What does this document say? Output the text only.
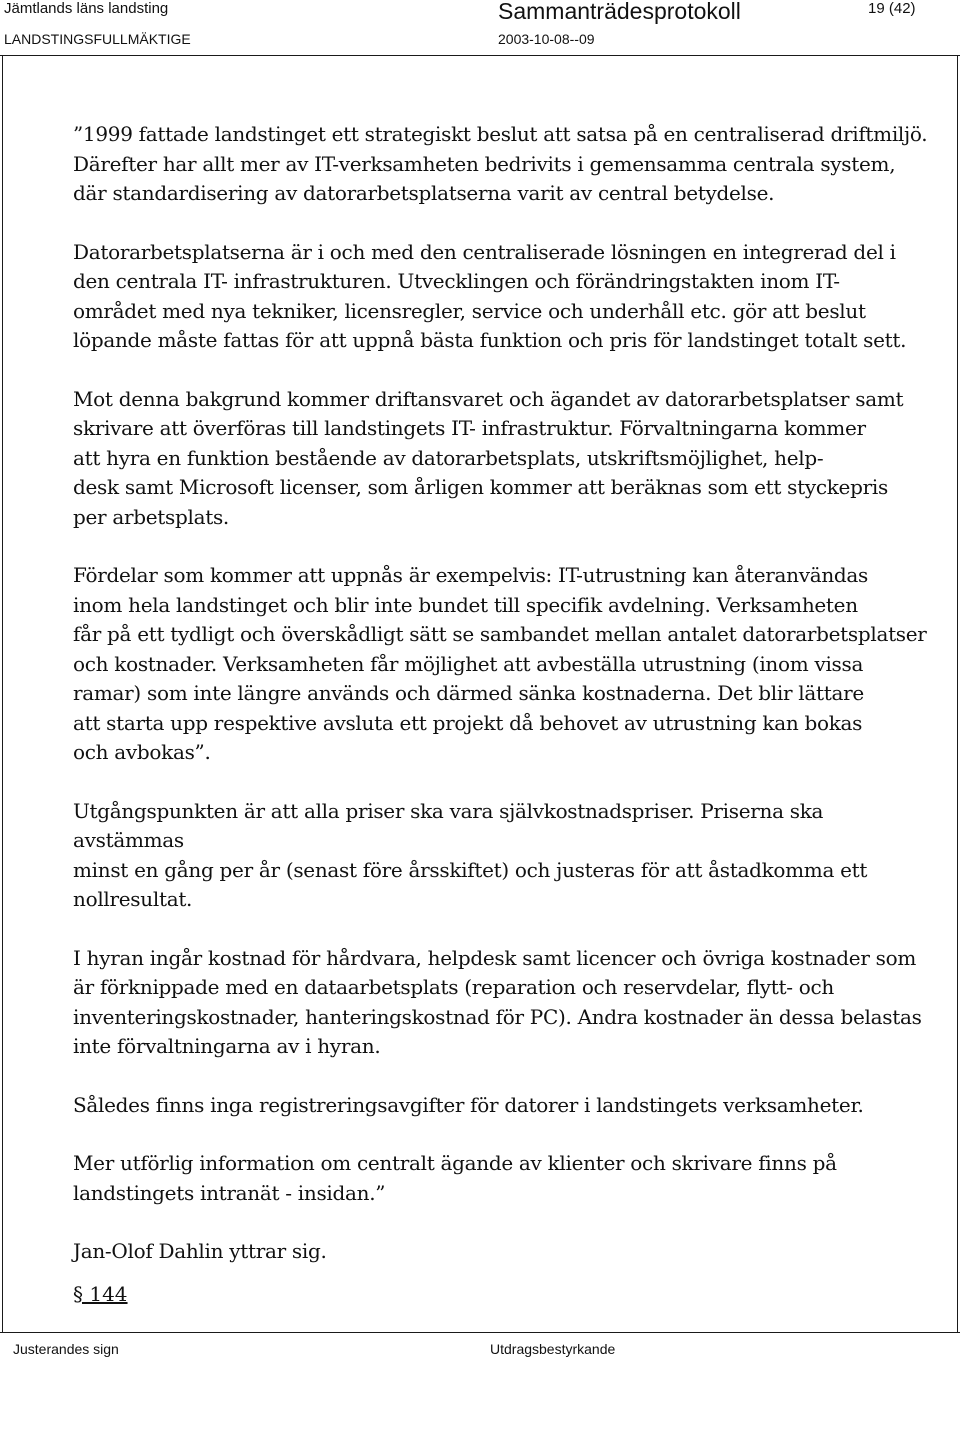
Jämtlands läns landsting	Sammanträdesprotokoll	19 (42)
LANDSTINGSFULLMÄKTIGE	2003-10-08--09

”1999 fattade landstinget ett strategiskt beslut att satsa på en centraliserad driftmiljö.
Därefter har allt mer av IT-verksamheten bedrivits i gemensamma centrala system,
där standardisering av datorarbetsplatserna varit av central betydelse.

Datorarbetsplatserna är i och med den centraliserade lösningen en integrerad del i
den centrala IT- infrastrukturen. Utvecklingen och förändringstakten inom IT-
området med nya tekniker, licensregler, service och underhåll etc. gör att beslut
löpande måste fattas för att uppnå bästa funktion och pris för landstinget totalt sett.

Mot denna bakgrund kommer driftansvaret och ägandet av datorarbetsplatser samt
skrivare att överföras till landstingets IT- infrastruktur. Förvaltningarna kommer
att hyra en funktion bestående av datorarbetsplats, utskriftsmöjlighet, help-
desk samt Microsoft licenser, som årligen kommer att beräknas som ett styckepris
per arbetsplats.

Fördelar som kommer att uppnås är exempelvis: IT-utrustning kan återanvändas
inom hela landstinget och blir inte bundet till specifik avdelning. Verksamheten
får på ett tydligt och överskådligt sätt se sambandet mellan antalet datorarbetsplatser
och kostnader. Verksamheten får möjlighet att avbeställa utrustning (inom vissa
ramar) som inte längre används och därmed sänka kostnaderna. Det blir lättare
att starta upp respektive avsluta ett projekt då behovet av utrustning kan bokas
och avbokas”.

Utgångspunkten är att alla priser ska vara självkostnadspriser. Priserna ska avstämmas
minst en gång per år (senast före årsskiftet) och justeras för att åstadkomma ett
nollresultat.

I hyran ingår kostnad för hårdvara, helpdesk samt licencer och övriga kostnader som
är förknippade med en dataarbetsplats (reparation och reservdelar, flytt- och
inventeringskostnader, hanteringskostnad för PC). Andra kostnader än dessa belastas
inte förvaltningarna av i hyran.

Således finns inga registreringsavgifter för datorer i landstingets verksamheter.

Mer utförlig information om centralt ägande av klienter och skrivare finns på
landstingets intranät - insidan.”

Jan-Olof Dahlin yttrar sig.

§ 144
Justerandes sign	Utdragsbestyrkande
